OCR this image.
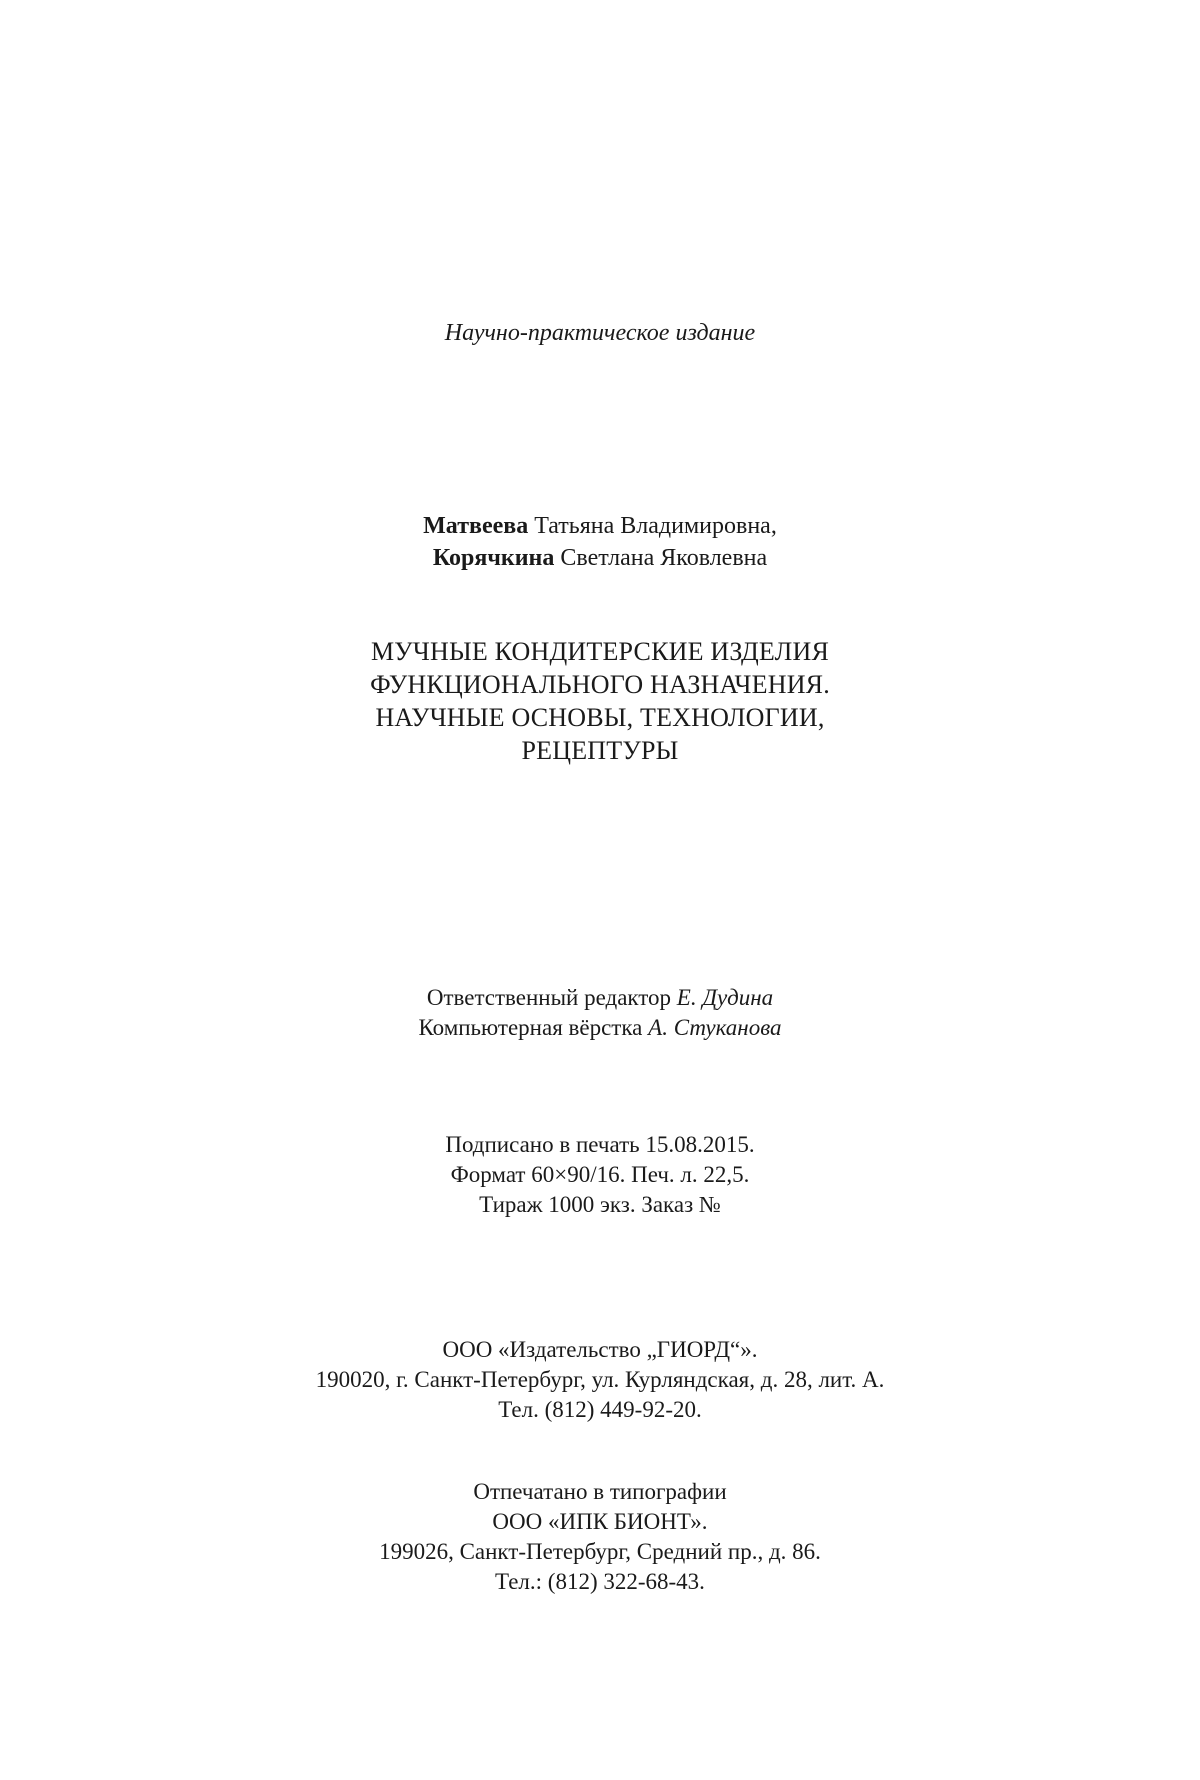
Научно-практическое издание
Матвеева Татьяна Владимировна,
Корячкина Светлана Яковлевна
МУЧНЫЕ КОНДИТЕРСКИЕ ИЗДЕЛИЯ
ФУНКЦИОНАЛЬНОГО НАЗНАЧЕНИЯ.
НАУЧНЫЕ ОСНОВЫ, ТЕХНОЛОГИИ,
РЕЦЕПТУРЫ
Ответственный редактор Е. Дудина
Компьютерная вёрстка А. Стуканова
Подписано в печать 15.08.2015.
Формат 60×90/16. Печ. л. 22,5.
Тираж 1000 экз. Заказ №
ООО «Издательство „ГИОРД“».
190020, г. Санкт-Петербург, ул. Курляндская, д. 28, лит. А.
Тел. (812) 449-92-20.
Отпечатано в типографии
ООО «ИПК БИОНТ».
199026, Санкт-Петербург, Средний пр., д. 86.
Тел.: (812) 322-68-43.
